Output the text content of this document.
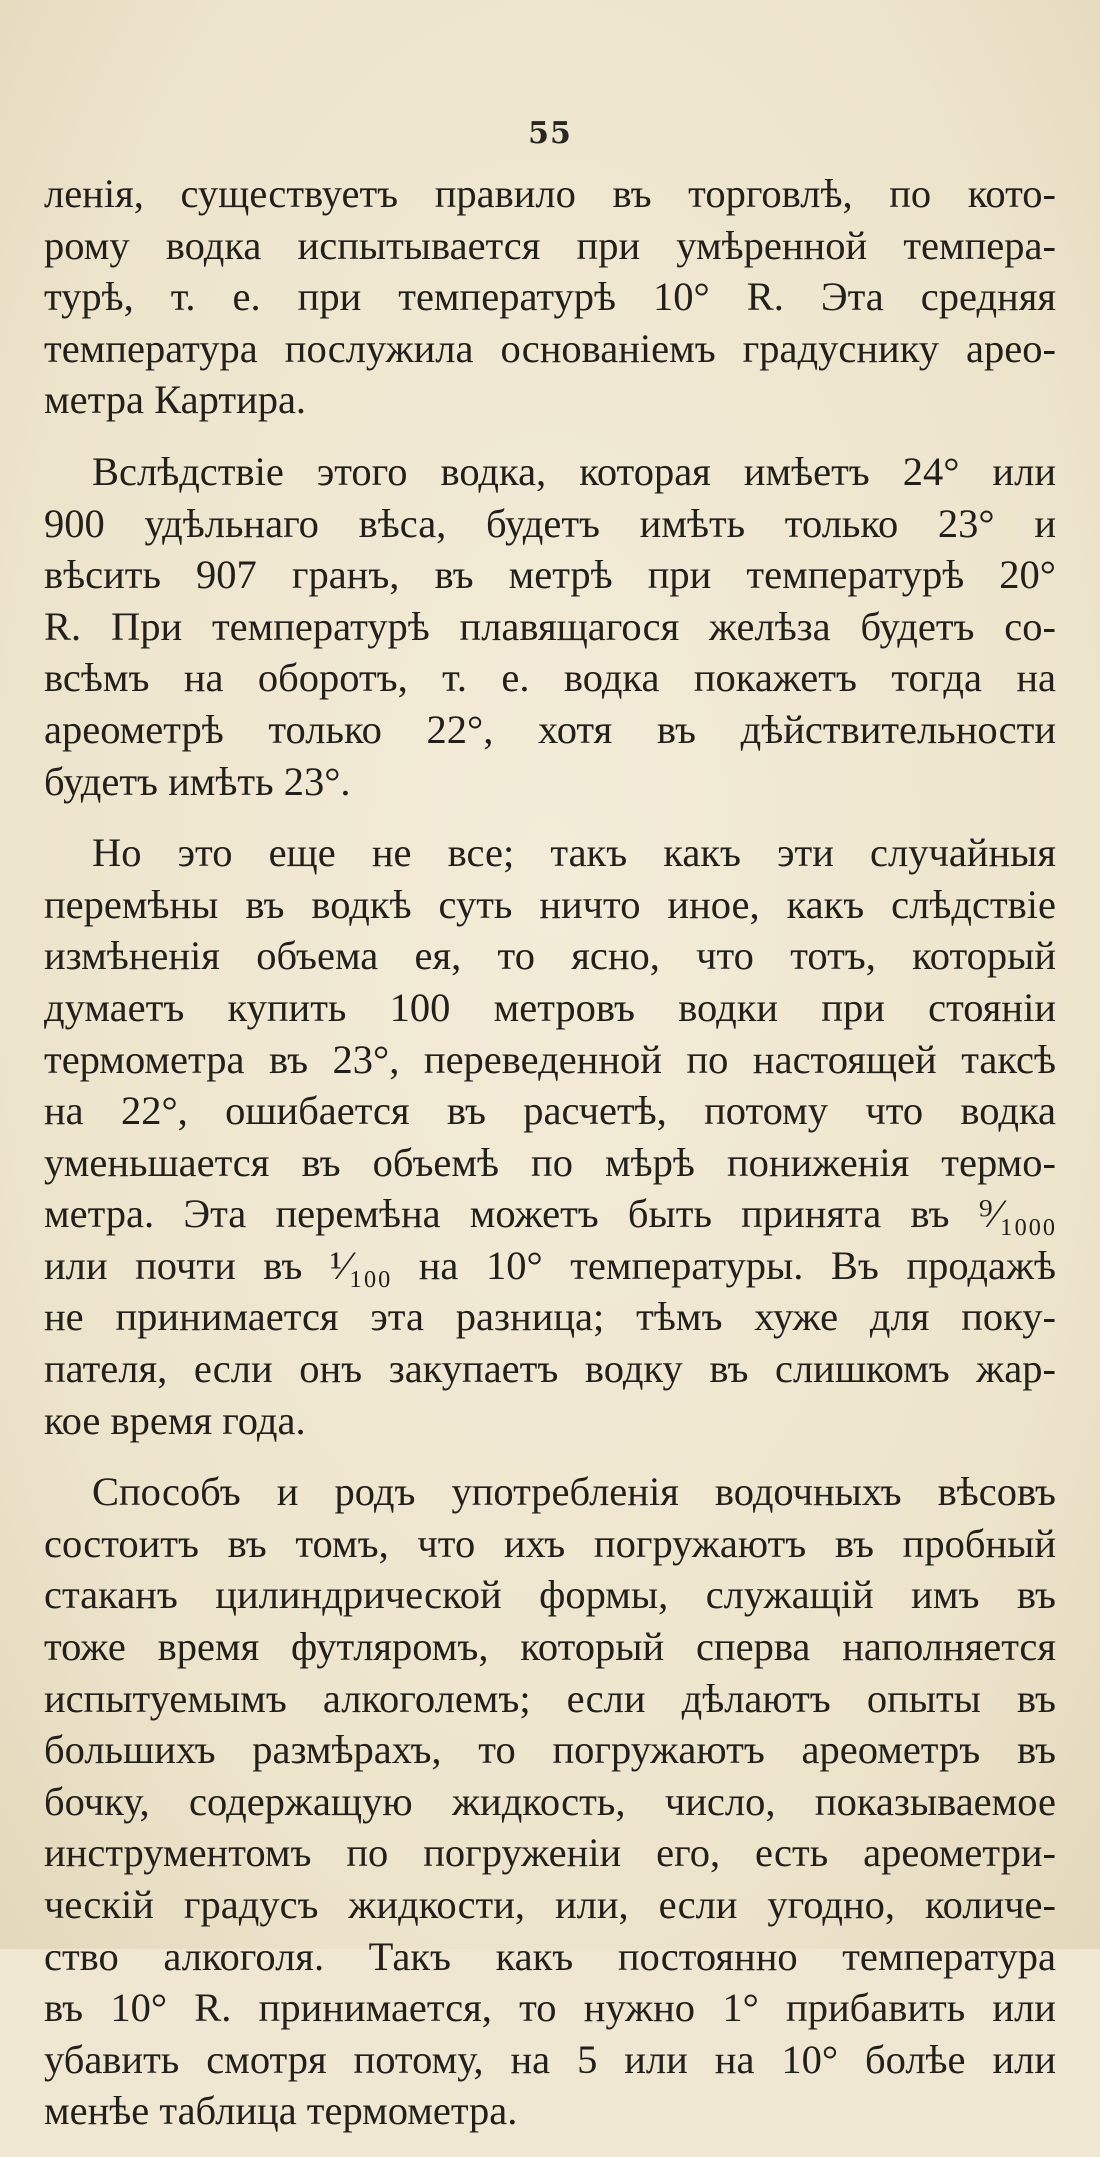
55

ленія, существуетъ правило въ торговлѣ, по кото-
рому водка испытывается при умѣренной темпера-
турѣ, т. е. при температурѣ 10° R. Эта средняя
температура послужила основаніемъ градуснику арео-
метра Картира.

Вслѣдствіе этого водка, которая имѣетъ 24° или
900 удѣльнаго вѣса, будетъ имѣть только 23° и
вѣсить 907 гранъ, въ метрѣ при температурѣ 20°
R. При температурѣ плавящагося желѣза будетъ со-
всѣмъ на оборотъ, т. е. водка покажетъ тогда на
ареометрѣ только 22°, хотя въ дѣйствительности
будетъ имѣть 23°.

Но это еще не все; такъ какъ эти случайныя
перемѣны въ водкѣ суть ничто иное, какъ слѣдствіе
измѣненія объема ея, то ясно, что тотъ, который
думаетъ купить 100 метровъ водки при стояніи
термометра въ 23°, переведенной по настоящей таксѣ
на 22°, ошибается въ расчетѣ, потому что водка
уменьшается въ объемѣ по мѣрѣ пониженія термо-
метра. Эта перемѣна можетъ быть принята въ ⁹⁄₁₀₀₀
или почти въ ¹⁄₁₀₀ на 10° температуры. Въ продажѣ
не принимается эта разница; тѣмъ хуже для поку-
пателя, если онъ закупаетъ водку въ слишкомъ жар-
кое время года.

Способъ и родъ употребленія водочныхъ вѣсовъ
состоитъ въ томъ, что ихъ погружаютъ въ пробный
стаканъ цилиндрической формы, служащій имъ въ
тоже время футляромъ, который сперва наполняется
испытуемымъ алкоголемъ; если дѣлаютъ опыты въ
большихъ размѣрахъ, то погружаютъ ареометръ въ
бочку, содержащую жидкость, число, показываемое
инструментомъ по погруженіи его, есть ареометри-
ческій градусъ жидкости, или, если угодно, количе-
ство алкоголя. Такъ какъ постоянно температура
въ 10° R. принимается, то нужно 1° прибавить или
убавить смотря потому, на 5 или на 10° болѣе или
менѣе таблица термометра.
